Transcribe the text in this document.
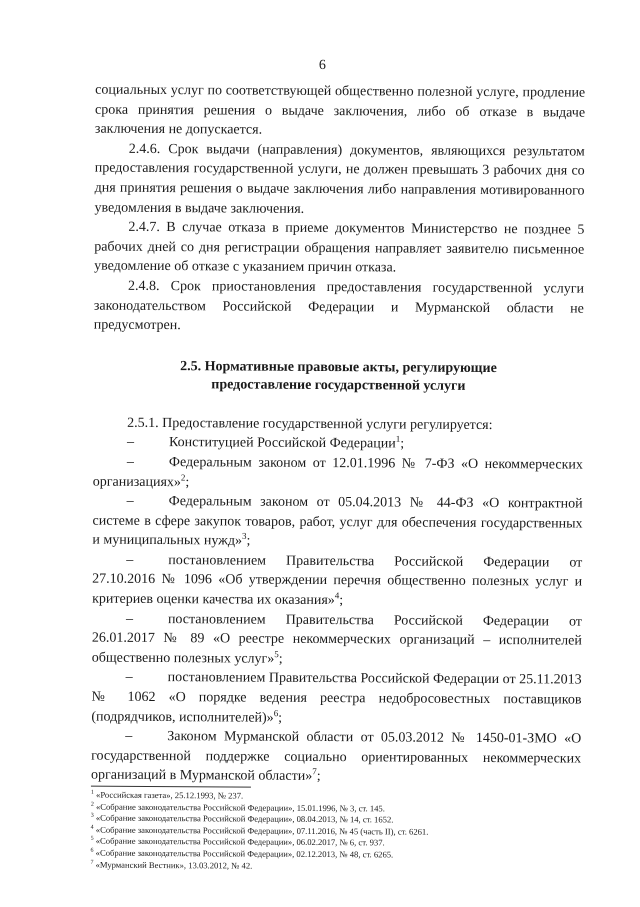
6

социальных услуг по соответствующей общественно полезной услуге, продление срока принятия решения о выдаче заключения, либо об отказе в выдаче заключения не допускается.

2.4.6. Срок выдачи (направления) документов, являющихся результатом предоставления государственной услуги, не должен превышать 3 рабочих дня со дня принятия решения о выдаче заключения либо направления мотивированного уведомления в выдаче заключения.

2.4.7. В случае отказа в приеме документов Министерство не позднее 5 рабочих дней со дня регистрации обращения направляет заявителю письменное уведомление об отказе с указанием причин отказа.

2.4.8. Срок приостановления предоставления государственной услуги законодательством Российской Федерации и Мурманской области не предусмотрен.

2.5. Нормативные правовые акты, регулирующие
предоставление государственной услуги

2.5.1. Предоставление государственной услуги регулируется:

– Конституцией Российской Федерации$^1$;

– Федеральным законом от 12.01.1996 № 7-ФЗ «О некоммерческих организациях»$^2$;

– Федеральным законом от 05.04.2013 № 44-ФЗ «О контрактной системе в сфере закупок товаров, работ, услуг для обеспечения государственных и муниципальных нужд»$^3$;

– постановлением Правительства Российской Федерации от 27.10.2016 № 1096 «Об утверждении перечня общественно полезных услуг и критериев оценки качества их оказания»$^4$;

– постановлением Правительства Российской Федерации от 26.01.2017 № 89 «О реестре некоммерческих организаций – исполнителей общественно полезных услуг»$^5$;

– постановлением Правительства Российской Федерации от 25.11.2013 № 1062 «О порядке ведения реестра недобросовестных поставщиков (подрядчиков, исполнителей)»$^6$;

– Законом Мурманской области от 05.03.2012 № 1450-01-ЗМО «О государственной поддержке социально ориентированных некоммерческих организаций в Мурманской области»$^7$;

$^1$ «Российская газета», 25.12.1993, № 237.

$^2$ «Собрание законодательства Российской Федерации», 15.01.1996, № 3, ст. 145.

$^3$ «Собрание законодательства Российской Федерации», 08.04.2013, № 14, ст. 1652.

$^4$ «Собрание законодательства Российской Федерации», 07.11.2016, № 45 (часть II), ст. 6261.

$^5$ «Собрание законодательства Российской Федерации», 06.02.2017, № 6, ст. 937.

$^6$ «Собрание законодательства Российской Федерации», 02.12.2013, № 48, ст. 6265.

$^7$ «Мурманский Вестник», 13.03.2012, № 42.
